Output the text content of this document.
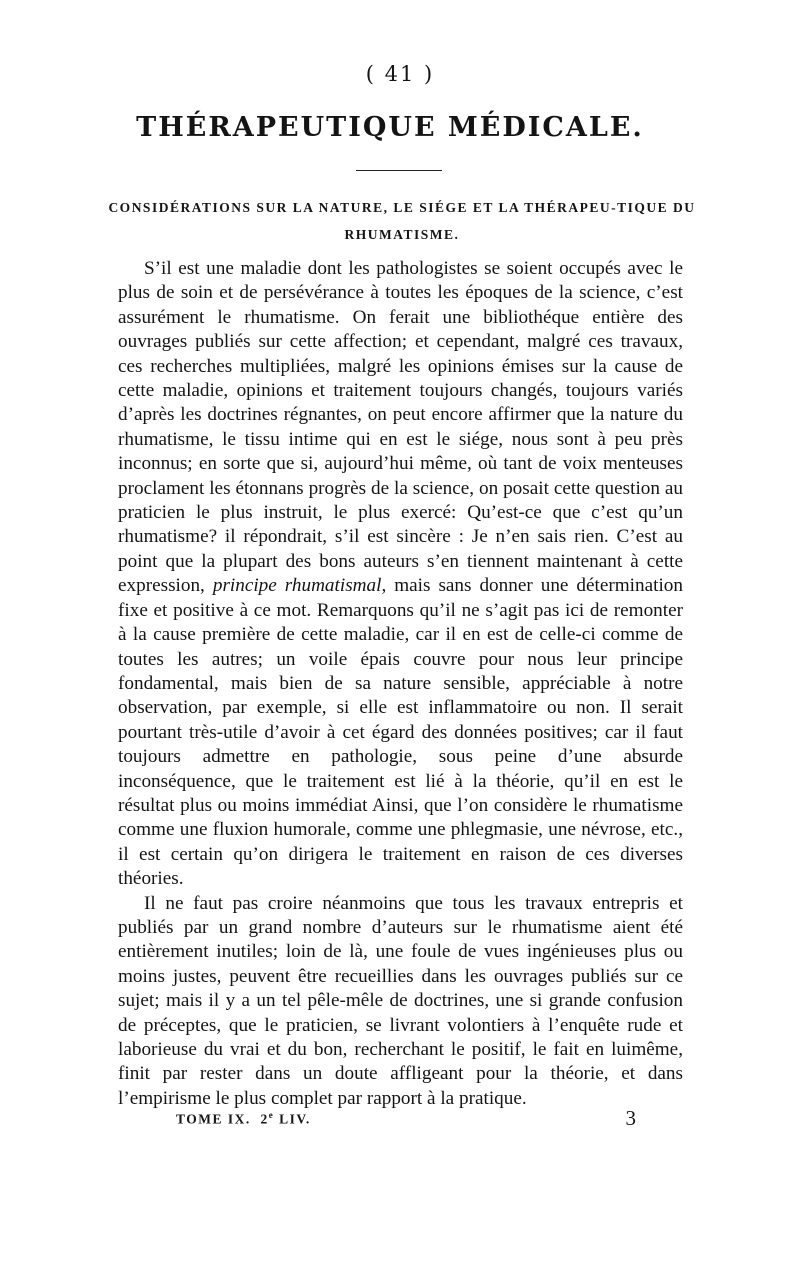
( 41 )
THÉRAPEUTIQUE MÉDICALE.
CONSIDÉRATIONS SUR LA NATURE, LE SIÉGE ET LA THÉRAPEU-TIQUE DU RHUMATISME.

S’il est une maladie dont les pathologistes se soient occupés avec le plus de soin et de persévérance à toutes les époques de la science, c’est assurément le rhumatisme. On ferait une bibliothéque entière des ouvrages publiés sur cette affection; et cependant, malgré ces travaux, ces recherches multipliées, malgré les opinions émises sur la cause de cette maladie, opinions et traitement toujours changés, toujours variés d’après les doctrines régnantes, on peut encore affirmer que la nature du rhumatisme, le tissu intime qui en est le siége, nous sont à peu près inconnus; en sorte que si, aujourd’hui même, où tant de voix menteuses proclament les étonnans progrès de la science, on posait cette question au praticien le plus instruit, le plus exercé: Qu’est-ce que c’est qu’un rhumatisme? il répondrait, s’il est sincère : Je n’en sais rien. C’est au point que la plupart des bons auteurs s’en tiennent maintenant à cette expression, principe rhumatismal, mais sans donner une détermination fixe et positive à ce mot. Remarquons qu’il ne s’agit pas ici de remonter à la cause première de cette maladie, car il en est de celle-ci comme de toutes les autres; un voile épais couvre pour nous leur principe fondamental, mais bien de sa nature sensible, appréciable à notre observation, par exemple, si elle est inflammatoire ou non. Il serait pourtant très-utile d’avoir à cet égard des données positives; car il faut toujours admettre en pathologie, sous peine d’une absurde inconséquence, que le traitement est lié à la théorie, qu’il en est le résultat plus ou moins immédiat Ainsi, que l’on considère le rhumatisme comme une fluxion humorale, comme une phlegmasie, une névrose, etc., il est certain qu’on dirigera le traitement en raison de ces diverses théories.

Il ne faut pas croire néanmoins que tous les travaux entrepris et publiés par un grand nombre d’auteurs sur le rhumatisme aient été entièrement inutiles; loin de là, une foule de vues ingénieuses plus ou moins justes, peuvent être recueillies dans les ouvrages publiés sur ce sujet; mais il y a un tel pêle-mêle de doctrines, une si grande confusion de préceptes, que le praticien, se livrant volontiers à l’enquête rude et laborieuse du vrai et du bon, recherchant le positif, le fait en luimême, finit par rester dans un doute affligeant pour la théorie, et dans l’empirisme le plus complet par rapport à la pratique.

TOME IX. 2e LIV.	3
